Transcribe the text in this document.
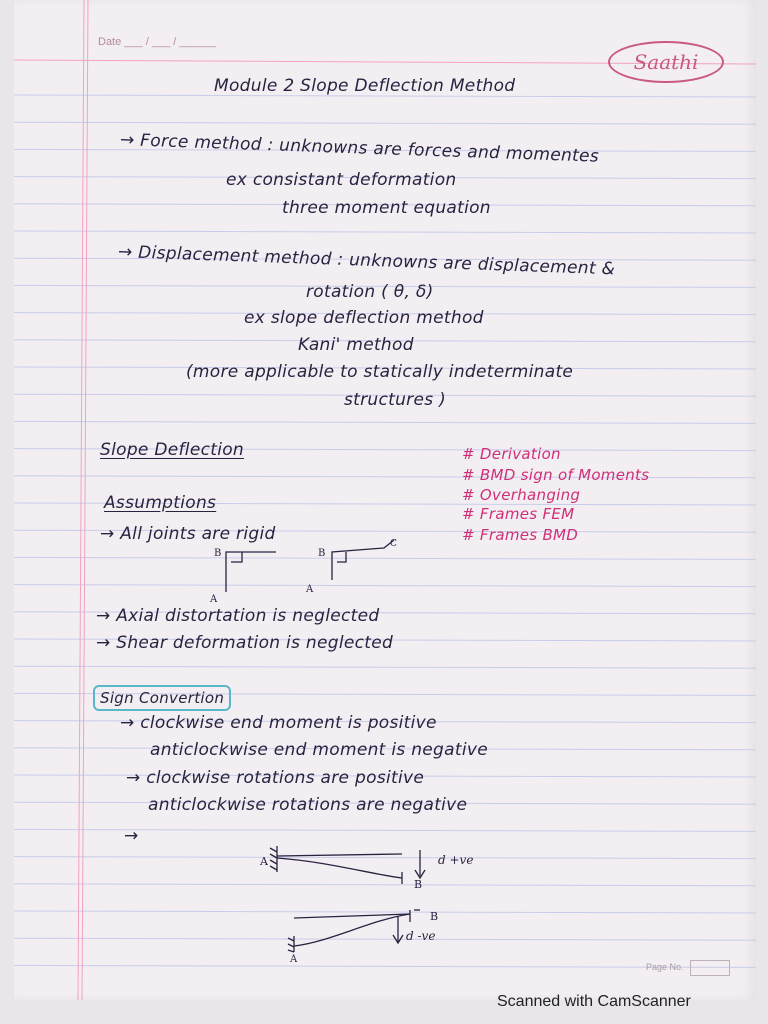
Date ___ / ___ / ______
Saathi
Module 2 Slope Deflection Method
→ Force method : unknowns are forces and momentes
ex consistant deformation
three moment equation
→ Displacement method : unknowns are displacement &
rotation ( θ, δ)
ex slope deflection method
Kani' method
(more applicable to statically indeterminate
structures )
Slope Deflection	# Derivation
# BMD sign of Moments
# Overhanging
# Frames FEM
# Frames BMD
Assumptions
→ All joints are rigid
→ Axial distortation is neglected
→ Shear deformation is neglected
B
A
B
C
A
Sign Convertion
→ clockwise end moment is positive
anticlockwise end moment is negative
→ clockwise rotations are positive
anticlockwise rotations are negative
→
A
B
d +ve
A
B
d -ve
Page No.
Scanned with CamScanner
